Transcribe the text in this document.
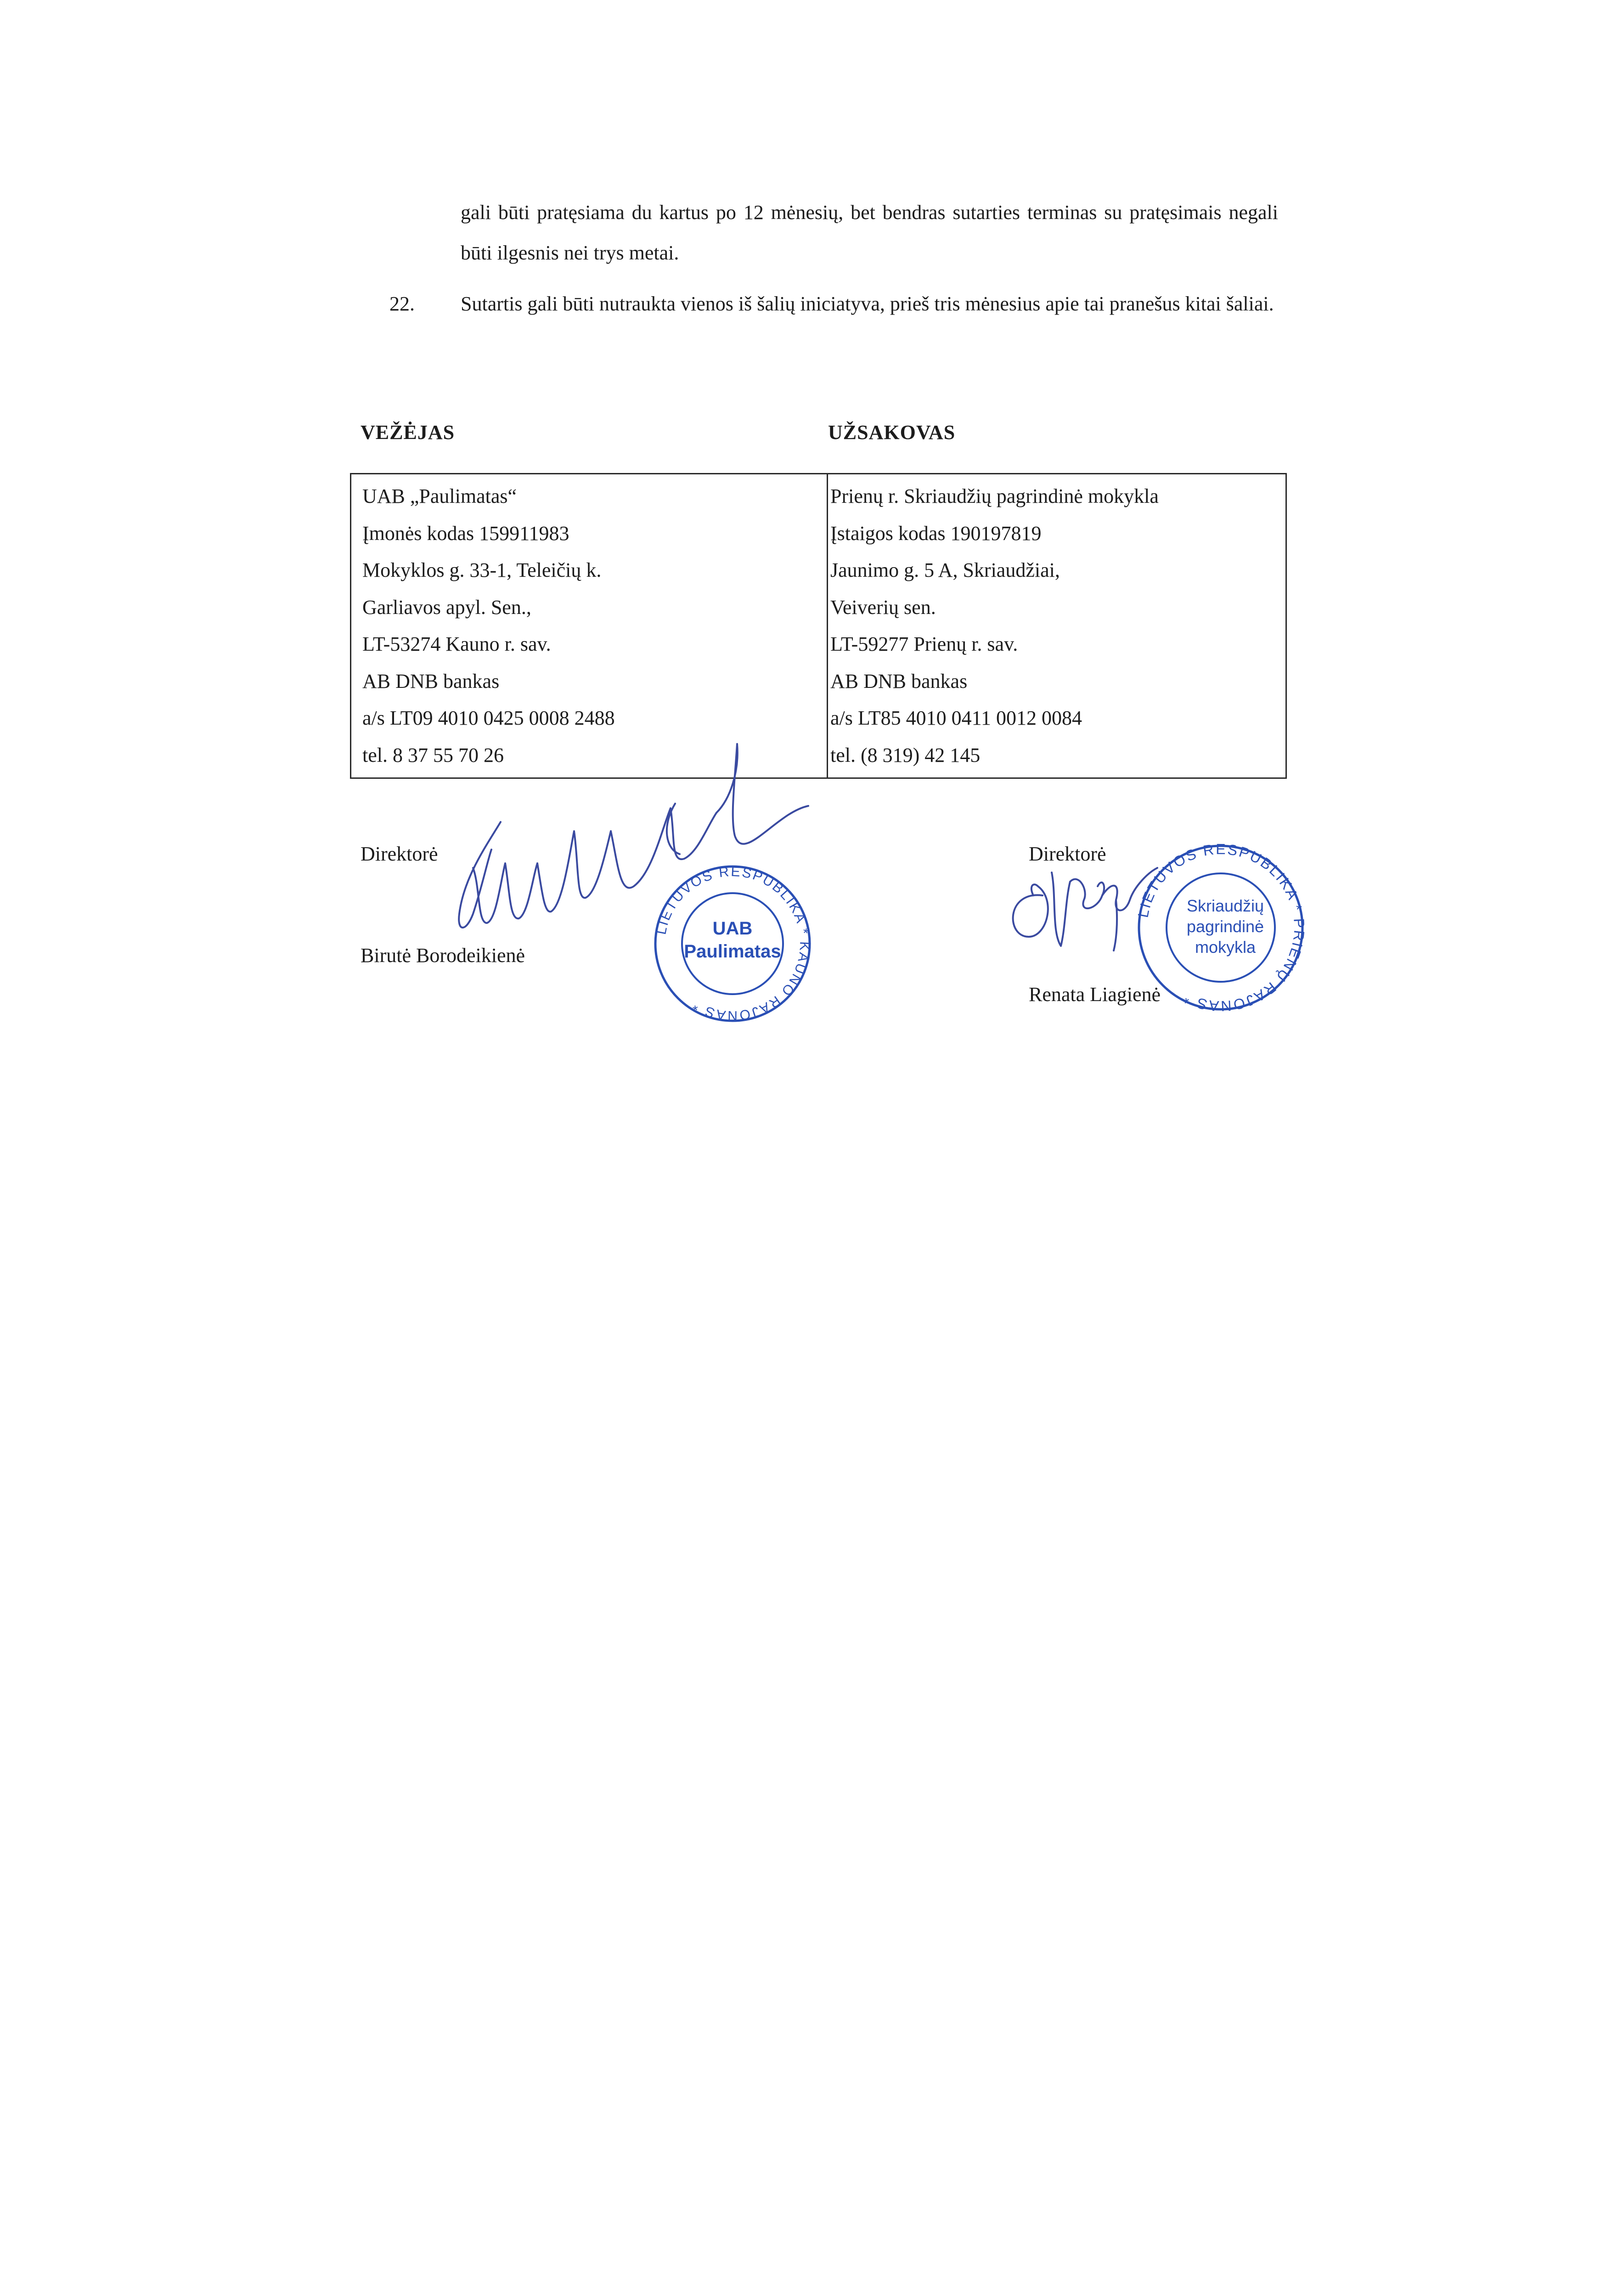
gali būti pratęsiama du kartus po 12 mėnesių, bet bendras sutarties terminas su pratęsimais negali būti ilgesnis nei trys metai.

22. Sutartis gali būti nutraukta vienos iš šalių iniciatyva, prieš tris mėnesius apie tai pranešus kitai šaliai.

VEŽĖJAS	UŽSAKOVAS
UAB „Paulimatas“
Įmonės kodas 159911983
Mokyklos g. 33-1, Teleičių k.
Garliavos apyl. Sen.,
LT-53274 Kauno r. sav.
AB DNB bankas
a/s LT09 4010 0425 0008 2488
tel. 8 37 55 70 26
Prienų r. Skriaudžių pagrindinė mokykla
Įstaigos kodas 190197819
Jaunimo g. 5 A, Skriaudžiai,
Veiverių sen.
LT-59277 Prienų r. sav.
AB DNB bankas
a/s LT85 4010 0411 0012 0084
tel. (8 319) 42 145
Direktorė
Birutė Borodeikienė
Direktorė
Renata Liagienė
LIETUVOS RESPUBLIKA * KAUNO RAJONAS *
UAB
Paulimatas
LIETUVOS RESPUBLIKA * PRIENŲ RAJONAS *
Skriaudžių
pagrindinė
mokykla
